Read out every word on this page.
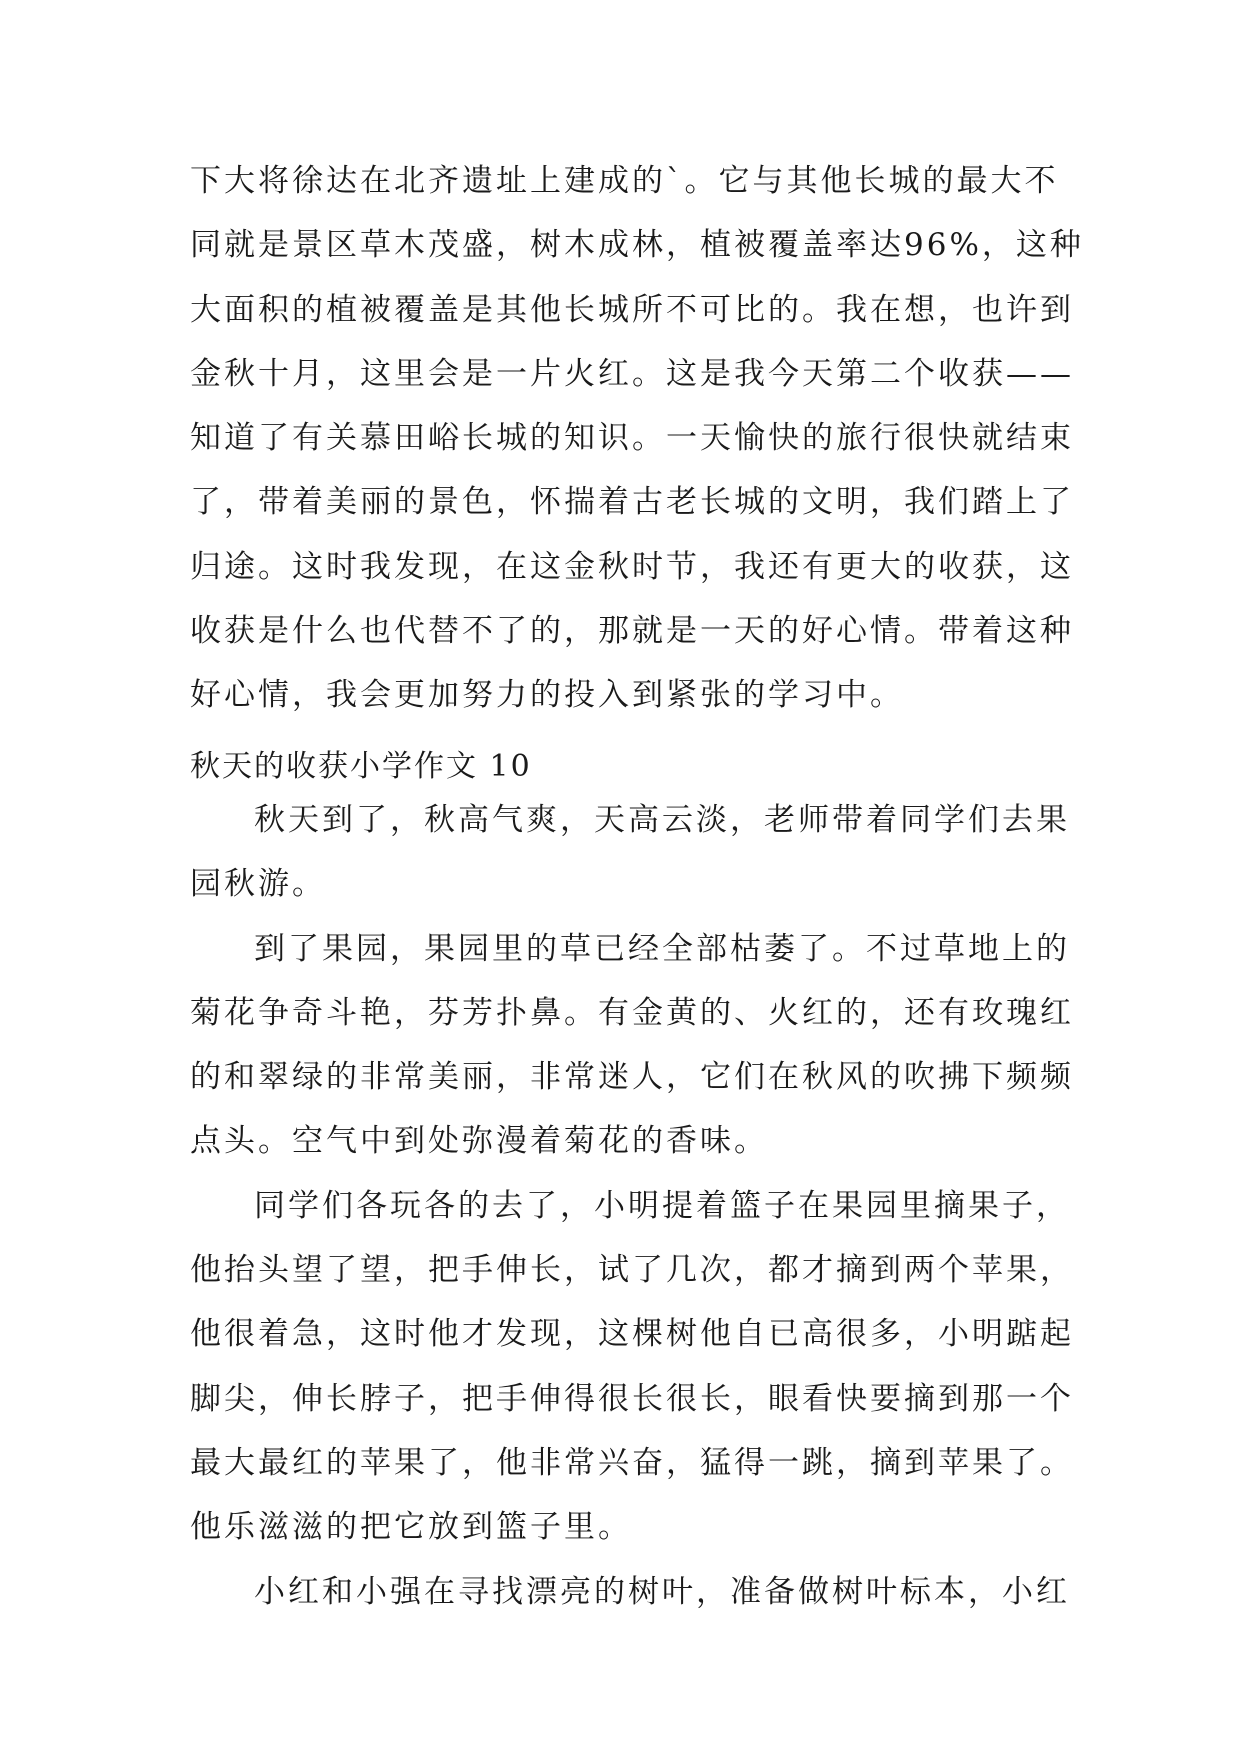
下大将徐达在北齐遗址上建成的`。它与其他长城的最大不
同就是景区草木茂盛，树木成林，植被覆盖率达96%，这种
大面积的植被覆盖是其他长城所不可比的。我在想，也许到
金秋十月，这里会是一片火红。这是我今天第二个收获——
知道了有关慕田峪长城的知识。一天愉快的旅行很快就结束
了，带着美丽的景色，怀揣着古老长城的文明，我们踏上了
归途。这时我发现，在这金秋时节，我还有更大的收获，这
收获是什么也代替不了的，那就是一天的好心情。带着这种
好心情，我会更加努力的投入到紧张的学习中。
秋天的收获小学作文 10
秋天到了，秋高气爽，天高云淡，老师带着同学们去果
园秋游。
到了果园，果园里的草已经全部枯萎了。不过草地上的
菊花争奇斗艳，芬芳扑鼻。有金黄的、火红的，还有玫瑰红
的和翠绿的非常美丽，非常迷人，它们在秋风的吹拂下频频
点头。空气中到处弥漫着菊花的香味。
同学们各玩各的去了，小明提着篮子在果园里摘果子，
他抬头望了望，把手伸长，试了几次，都才摘到两个苹果，
他很着急，这时他才发现，这棵树他自已高很多，小明踮起
脚尖，伸长脖子，把手伸得很长很长，眼看快要摘到那一个
最大最红的苹果了，他非常兴奋，猛得一跳，摘到苹果了。
他乐滋滋的把它放到篮子里。
小红和小强在寻找漂亮的树叶，准备做树叶标本，小红
